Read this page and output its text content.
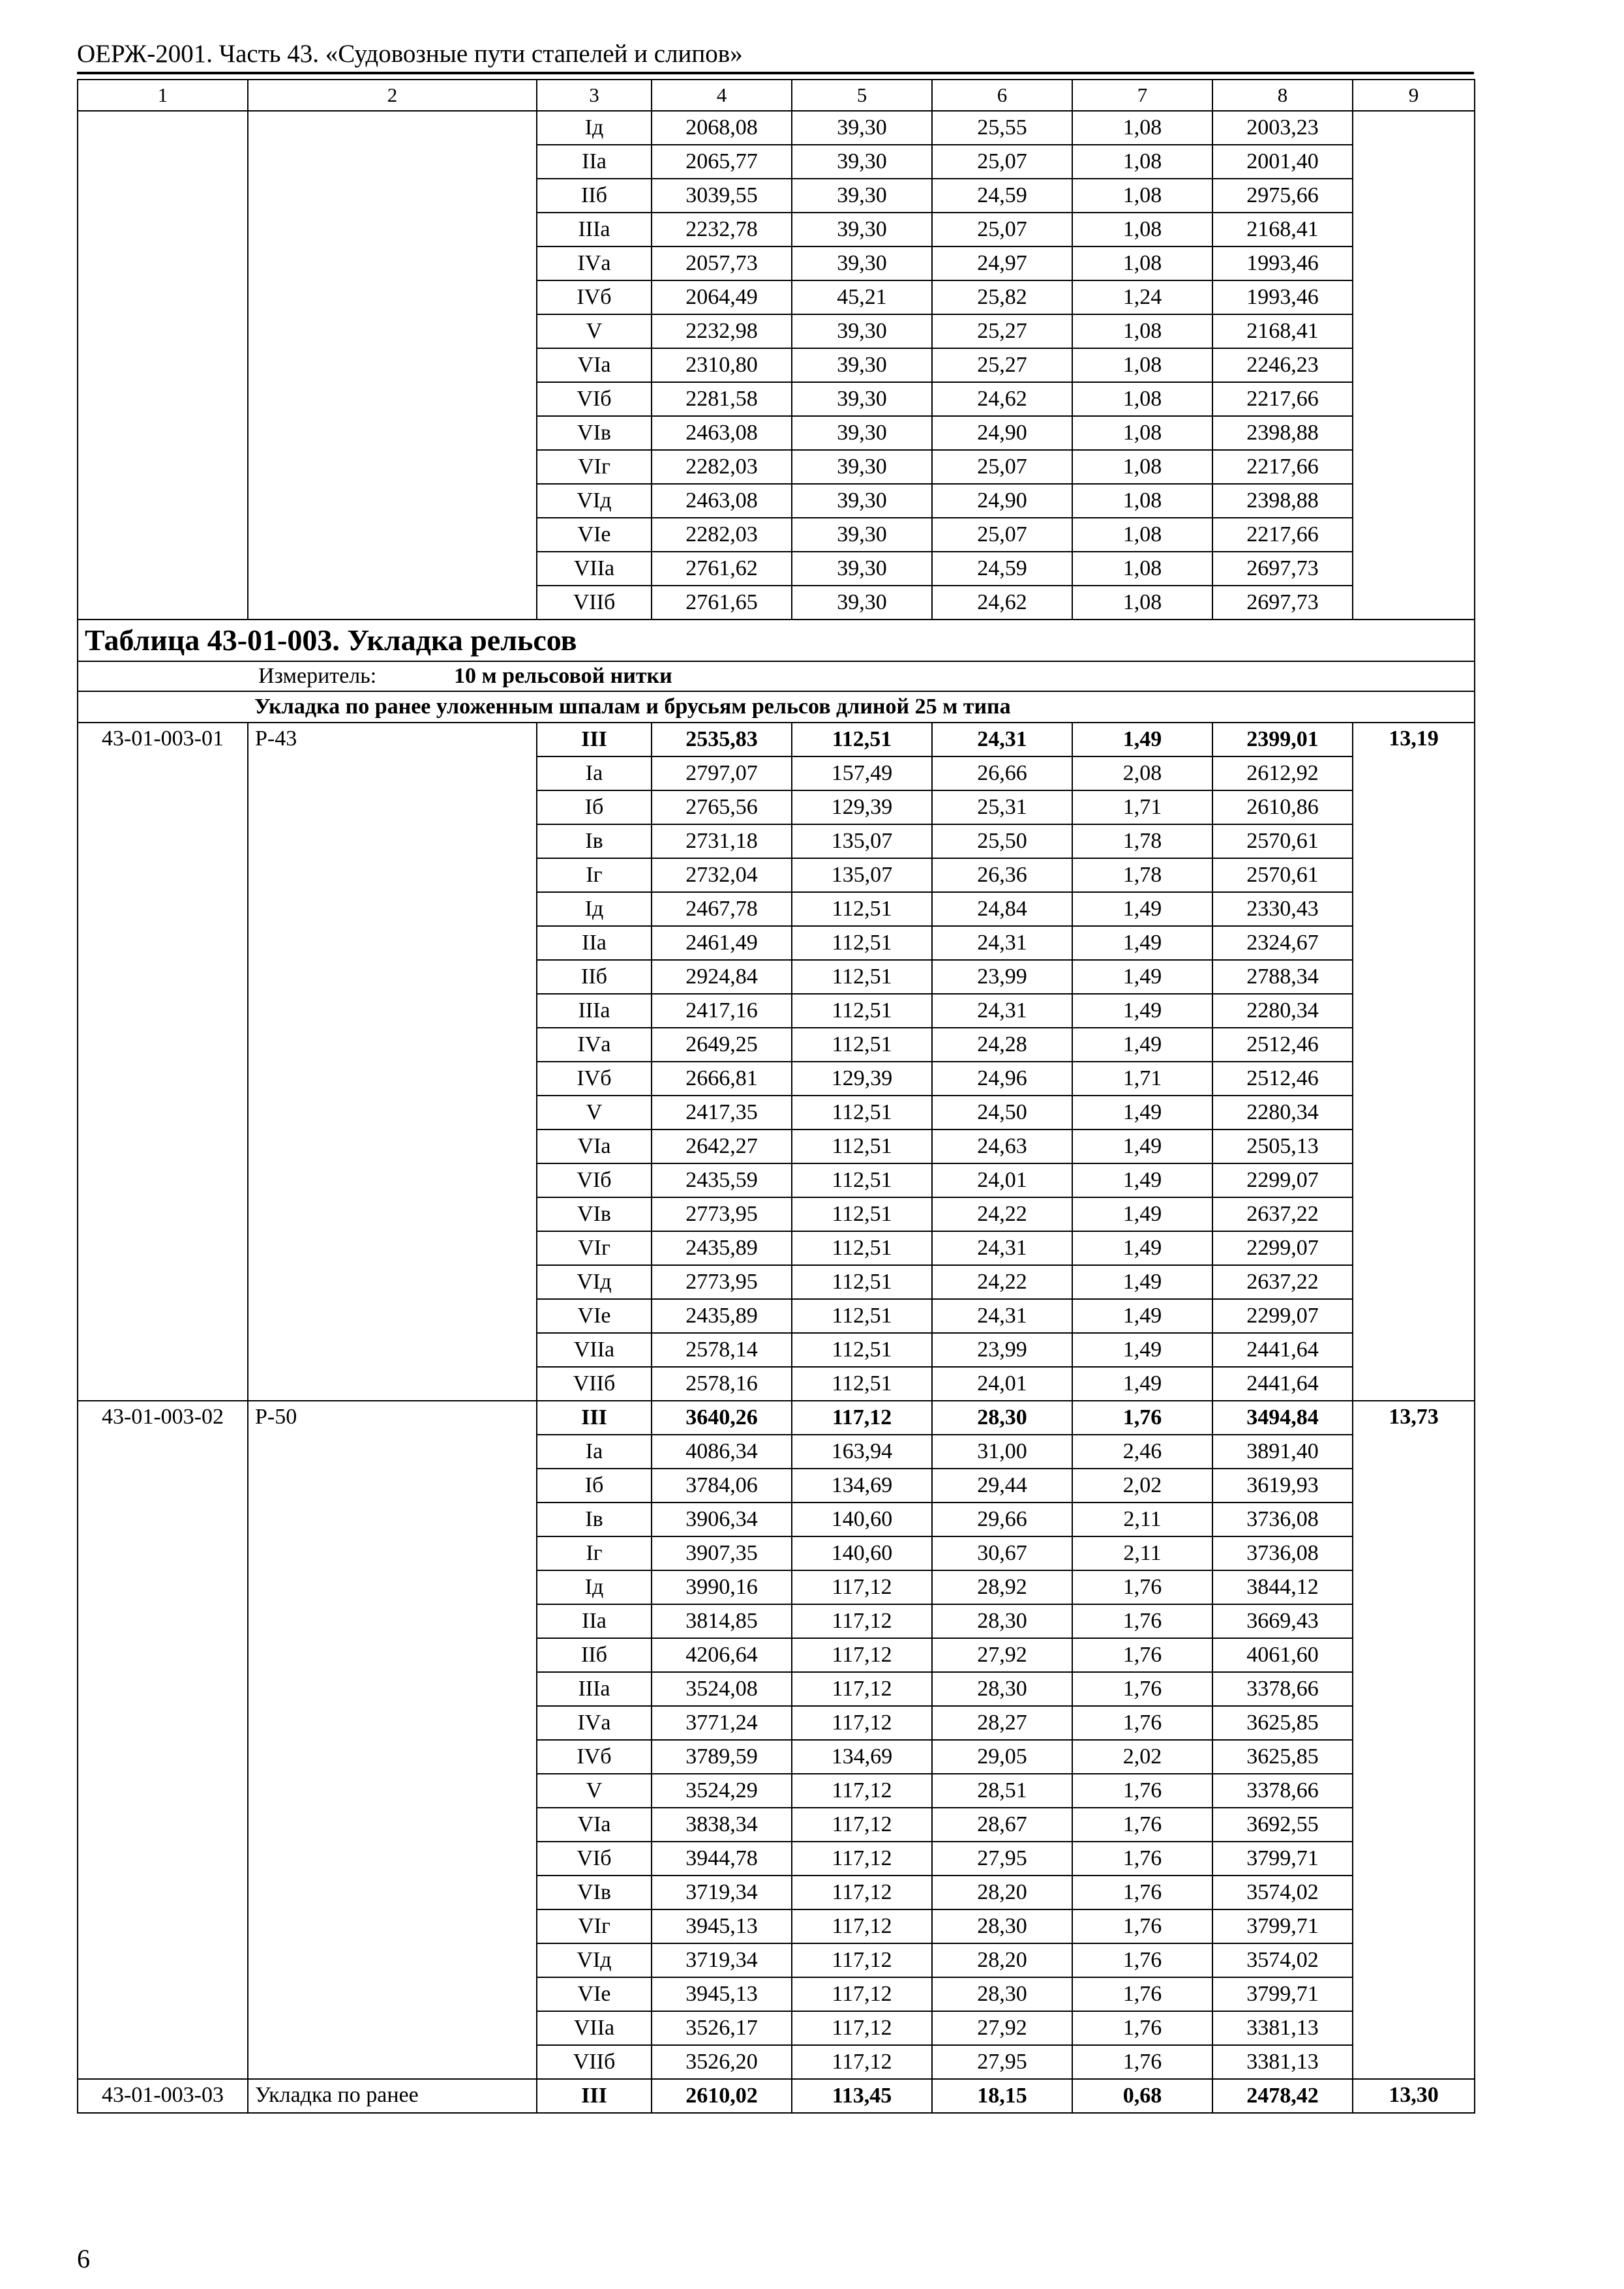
ОЕРЖ-2001. Часть 43. «Судовозные пути стапелей и слипов»
1	2	3	4	5	6	7	8	9
		Iд	2068,08	39,30	25,55	1,08	2003,23	
		IIа	2065,77	39,30	25,07	1,08	2001,40	
		IIб	3039,55	39,30	24,59	1,08	2975,66	
		IIIа	2232,78	39,30	25,07	1,08	2168,41	
		IVа	2057,73	39,30	24,97	1,08	1993,46	
		IVб	2064,49	45,21	25,82	1,24	1993,46	
		V	2232,98	39,30	25,27	1,08	2168,41	
		VIа	2310,80	39,30	25,27	1,08	2246,23	
		VIб	2281,58	39,30	24,62	1,08	2217,66	
		VIв	2463,08	39,30	24,90	1,08	2398,88	
		VIг	2282,03	39,30	25,07	1,08	2217,66	
		VIд	2463,08	39,30	24,90	1,08	2398,88	
		VIе	2282,03	39,30	25,07	1,08	2217,66	
		VIIа	2761,62	39,30	24,59	1,08	2697,73	
		VIIб	2761,65	39,30	24,62	1,08	2697,73	
Таблица 43-01-003. Укладка рельсов								
Измеритель: 10 м рельсовой нитки								
Укладка по ранее уложенным шпалам и брусьям рельсов длиной 25 м типа								
43-01-003-01	Р-43	III	2535,83	112,51	24,31	1,49	2399,01	13,19
		Iа	2797,07	157,49	26,66	2,08	2612,92	
		Iб	2765,56	129,39	25,31	1,71	2610,86	
		Iв	2731,18	135,07	25,50	1,78	2570,61	
		Iг	2732,04	135,07	26,36	1,78	2570,61	
		Iд	2467,78	112,51	24,84	1,49	2330,43	
		IIа	2461,49	112,51	24,31	1,49	2324,67	
		IIб	2924,84	112,51	23,99	1,49	2788,34	
		IIIа	2417,16	112,51	24,31	1,49	2280,34	
		IVа	2649,25	112,51	24,28	1,49	2512,46	
		IVб	2666,81	129,39	24,96	1,71	2512,46	
		V	2417,35	112,51	24,50	1,49	2280,34	
		VIа	2642,27	112,51	24,63	1,49	2505,13	
		VIб	2435,59	112,51	24,01	1,49	2299,07	
		VIв	2773,95	112,51	24,22	1,49	2637,22	
		VIг	2435,89	112,51	24,31	1,49	2299,07	
		VIд	2773,95	112,51	24,22	1,49	2637,22	
		VIе	2435,89	112,51	24,31	1,49	2299,07	
		VIIа	2578,14	112,51	23,99	1,49	2441,64	
		VIIб	2578,16	112,51	24,01	1,49	2441,64	
43-01-003-02	Р-50	III	3640,26	117,12	28,30	1,76	3494,84	13,73
		Iа	4086,34	163,94	31,00	2,46	3891,40	
		Iб	3784,06	134,69	29,44	2,02	3619,93	
		Iв	3906,34	140,60	29,66	2,11	3736,08	
		Iг	3907,35	140,60	30,67	2,11	3736,08	
		Iд	3990,16	117,12	28,92	1,76	3844,12	
		IIа	3814,85	117,12	28,30	1,76	3669,43	
		IIб	4206,64	117,12	27,92	1,76	4061,60	
		IIIа	3524,08	117,12	28,30	1,76	3378,66	
		IVа	3771,24	117,12	28,27	1,76	3625,85	
		IVб	3789,59	134,69	29,05	2,02	3625,85	
		V	3524,29	117,12	28,51	1,76	3378,66	
		VIа	3838,34	117,12	28,67	1,76	3692,55	
		VIб	3944,78	117,12	27,95	1,76	3799,71	
		VIв	3719,34	117,12	28,20	1,76	3574,02	
		VIг	3945,13	117,12	28,30	1,76	3799,71	
		VIд	3719,34	117,12	28,20	1,76	3574,02	
		VIе	3945,13	117,12	28,30	1,76	3799,71	
		VIIа	3526,17	117,12	27,92	1,76	3381,13	
		VIIб	3526,20	117,12	27,95	1,76	3381,13	
43-01-003-03	Укладка по ранее	III	2610,02	113,45	18,15	0,68	2478,42	13,30
6
